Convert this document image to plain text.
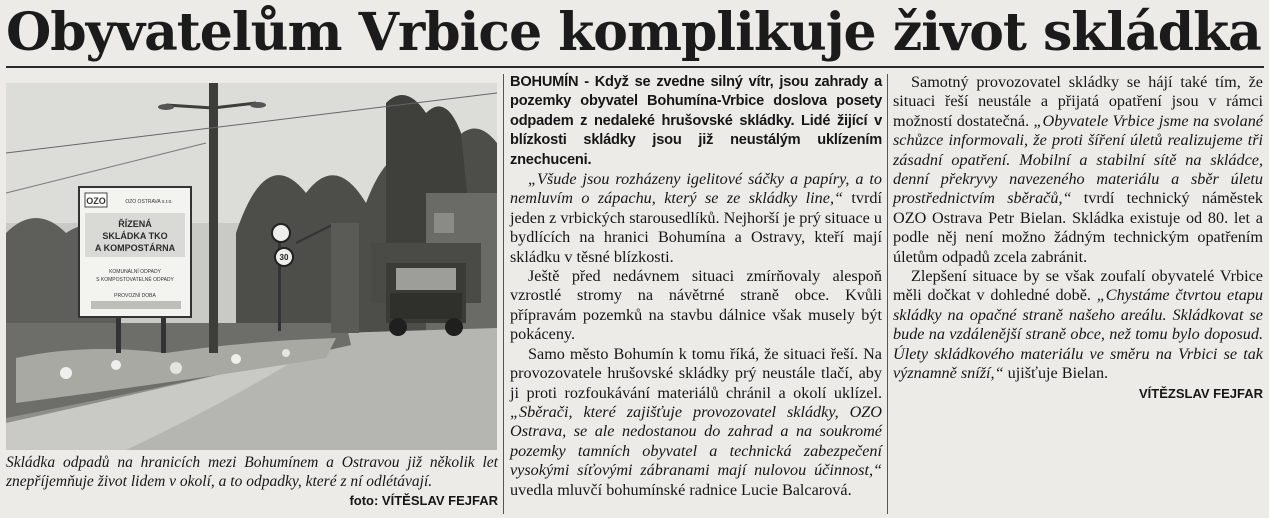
Obyvatelům Vrbice komplikuje život skládka
OZO	OZO OSTRAVA s.r.o.
ŘÍZENÁ
SKLÁDKA TKO
A KOMPOSTÁRNA
KOMUNÁLNÍ ODPADY
S KOMPOSTOVATELNÉ ODPADY
PROVOZNÍ DOBA
30
Skládka odpadů na hranicích mezi Bohumínem a Ostravou již několik let znepříjemňuje život lidem v okolí, a to odpadky, které z ní odlétávají.
foto: VÍTĚSLAV FEJFAR

BOHUMÍN - Když se zvedne silný vítr, jsou zahrady a pozemky obyvatel Bohumína-Vrbice doslova posety odpadem z nedaleké hrušovské skládky. Lidé žijící v blízkosti skládky jsou již neustálým uklízením znechuceni.

„Všude jsou rozházeny igelitové sáčky a papíry, a to nemluvím o zápachu, který se ze skládky line,“ tvrdí jeden z vrbických starousedlíků. Nejhorší je prý situace u bydlících na hranici Bohumína a Ostravy, kteří mají skládku v těsné blízkosti.

Ještě před nedávnem situaci zmírňovaly alespoň vzrostlé stromy na návětrné straně obce. Kvůli přípravám pozemků na stavbu dálnice však musely být pokáceny.

Samo město Bohumín k tomu říká, že situaci řeší. Na provozovatele hrušovské skládky prý neustále tlačí, aby ji proti rozfoukávání materiálů chránil a okolí uklízel. „Sběrači, které zajišťuje provozovatel skládky, OZO Ostrava, se ale nedostanou do zahrad a na soukromé pozemky tamních obyvatel a technická zabezpečení vysokými síťovými zábranami mají nulovou účinnost,“ uvedla mluvčí bohumínské radnice Lucie Balcarová.

Samotný provozovatel skládky se hájí také tím, že situaci řeší neustále a přijatá opatření jsou v rámci možností dostatečná. „Obyvatele Vrbice jsme na svolané schůzce informovali, že proti šíření úletů realizujeme tři zásadní opatření. Mobilní a stabilní sítě na skládce, denní překryvy navezeného materiálu a sběr úletu prostřednictvím sběračů,“ tvrdí technický náměstek OZO Ostrava Petr Bielan. Skládka existuje od 80. let a podle něj není možno žádným technickým opatřením úletům odpadů zcela zabránit.

Zlepšení situace by se však zoufalí obyvatelé Vrbice měli dočkat v dohledné době. „Chystáme čtvrtou etapu skládky na opačné straně našeho areálu. Skládkovat se bude na vzdálenější straně obce, než tomu bylo doposud. Úlety skládkového materiálu ve směru na Vrbici se tak významně sníží,“ ujišťuje Bielan.

VÍTĚZSLAV FEJFAR
